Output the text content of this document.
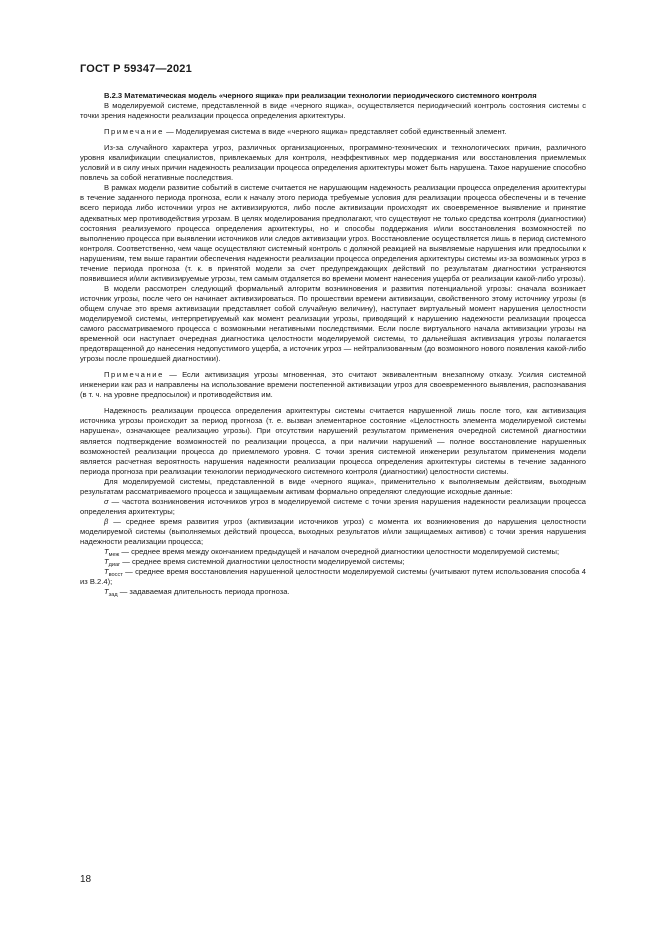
ГОСТ Р 59347—2021

B.2.3 Математическая модель «черного ящика» при реализации технологии периодического системного контроля

В моделируемой системе, представленной в виде «черного ящика», осуществляется периодический контроль состояния системы с точки зрения надежности реализации процесса определения архитектуры.

Примечание — Моделируемая система в виде «черного ящика» представляет собой единственный элемент.

Из-за случайного характера угроз, различных организационных, программно-технических и технологических причин, различного уровня квалификации специалистов, привлекаемых для контроля, неэффективных мер поддержания или восстановления приемлемых условий и в силу иных причин надежность реализации процесса определения архитектуры может быть нарушена. Такое нарушение способно повлечь за собой негативные последствия.

В рамках модели развитие событий в системе считается не нарушающим надежность реализации процесса определения архитектуры в течение заданного периода прогноза, если к началу этого периода требуемые условия для реализации процесса обеспечены и в течение всего периода либо источники угроз не активизируются, либо после активизации происходят их своевременное выявление и принятие адекватных мер противодействия угрозам. В целях моделирования предполагают, что существуют не только средства контроля (диагностики) состояния реализуемого процесса определения архитектуры, но и способы поддержания и/или восстановления возможностей по выполнению процесса при выявлении источников или следов активизации угроз. Восстановление осуществляется лишь в период системного контроля. Соответственно, чем чаще осуществляют системный контроль с должной реакцией на выявляемые нарушения или предпосылки к нарушениям, тем выше гарантии обеспечения надежности реализации процесса определения архитектуры системы из-за возможных угроз в течение периода прогноза (т. к. в принятой модели за счет предупреждающих действий по результатам диагностики устраняются появившиеся и/или активизируемые угрозы, тем самым отдаляется во времени момент нанесения ущерба от реализации какой-либо угрозы).

В модели рассмотрен следующий формальный алгоритм возникновения и развития потенциальной угрозы: сначала возникает источник угрозы, после чего он начинает активизироваться. По прошествии времени активизации, свойственного этому источнику угрозы (в общем случае это время активизации представляет собой случайную величину), наступает виртуальный момент нарушения целостности моделируемой системы, интерпретируемый как момент реализации угрозы, приводящий к нарушению надежности реализации процесса самого рассматриваемого процесса с возможными негативными последствиями. Если после виртуального начала активизации угрозы на временной оси наступает очередная диагностика целостности моделируемой системы, то дальнейшая активизация угрозы полагается предотвращенной до нанесения недопустимого ущерба, а источник угроз — нейтрализованным (до возможного нового появления какой-либо угрозы после прошедшей диагностики).

Примечание — Если активизация угрозы мгновенная, это считают эквивалентным внезапному отказу. Усилия системной инженерии как раз и направлены на использование времени постепенной активизации угроз для своевременного выявления, распознавания (в т. ч. на уровне предпосылок) и противодействия им.

Надежность реализации процесса определения архитектуры системы считается нарушенной лишь после того, как активизация источника угрозы происходит за период прогноза (т. е. вызван элементарное состояние «Целостность элемента моделируемой системы нарушена», означающее реализацию угрозы). При отсутствии нарушений результатом применения очередной системной диагностики является подтверждение возможностей по реализации процесса, а при наличии нарушений — полное восстановление нарушенных возможностей реализации процесса до приемлемого уровня. С точки зрения системной инженерии результатом применения модели является расчетная вероятность нарушения надежности реализации процесса определения архитектуры системы в течение заданного периода прогноза при реализации технологии периодического системного контроля (диагностики) целостности системы.

Для моделируемой системы, представленной в виде «черного ящика», применительно к выполняемым действиям, выходным результатам рассматриваемого процесса и защищаемым активам формально определяют следующие исходные данные:

σ — частота возникновения источников угроз в моделируемой системе с точки зрения нарушения надежности реализации процесса определения архитектуры;

β — среднее время развития угроз (активизации источников угроз) с момента их возникновения до нарушения целостности моделируемой системы (выполняемых действий процесса, выходных результатов и/или защищаемых активов) с точки зрения нарушения надежности реализации процесса;

$T_{меж}$ — среднее время между окончанием предыдущей и началом очередной диагностики целостности моделируемой системы;

$T_{диаг}$ — среднее время системной диагностики целостности моделируемой системы;

$T_{восст}$ — среднее время восстановления нарушенной целостности моделируемой системы (учитывают путем использования способа 4 из B.2.4);

$T_{зад}$ — задаваемая длительность периода прогноза.

18
